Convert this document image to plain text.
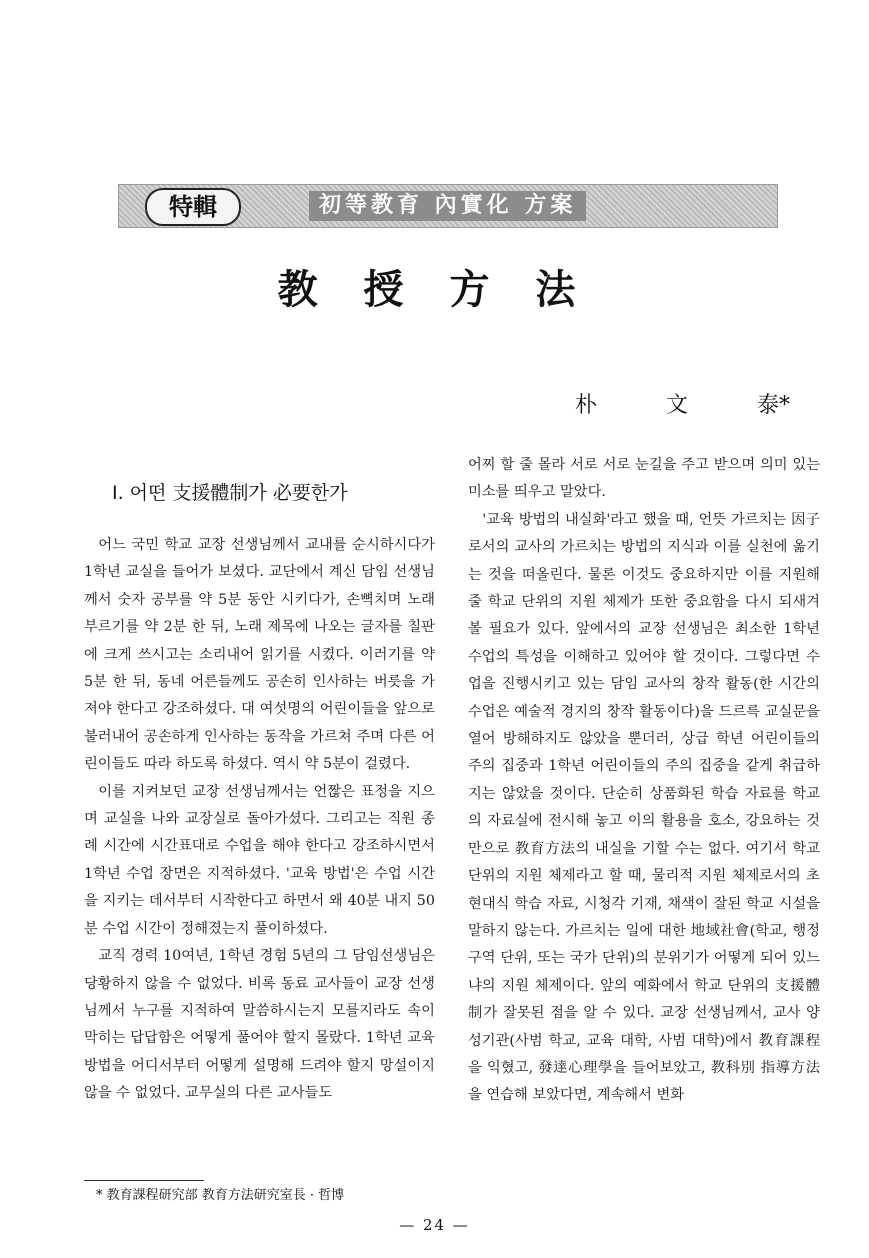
特輯	初等教育 內實化 方案
教 授 方 法
朴	文	泰*
I. 어떤 支援體制가 必要한가

어느 국민 학교 교장 선생님께서 교내를 순시하시다가 1학년 교실을 들어가 보셨다. 교단에서 계신 담임 선생님께서 숫자 공부를 약 5분 동안 시키다가, 손뼉치며 노래부르기를 약 2분 한 뒤, 노래 제목에 나오는 글자를 칠판에 크게 쓰시고는 소리내어 읽기를 시켰다. 이러기를 약 5분 한 뒤, 동네 어른들께도 공손히 인사하는 버릇을 가져야 한다고 강조하셨다. 대 여섯명의 어린이들을 앞으로 불러내어 공손하게 인사하는 동작을 가르쳐 주며 다른 어린이들도 따라 하도록 하셨다. 역시 약 5분이 걸렸다.

이를 지켜보던 교장 선생님께서는 언짢은 표정을 지으며 교실을 나와 교장실로 돌아가셨다. 그리고는 직원 종례 시간에 시간표대로 수업을 해야 한다고 강조하시면서 1학년 수업 장면은 지적하셨다. '교육 방법'은 수업 시간을 지키는 데서부터 시작한다고 하면서 왜 40분 내지 50분 수업 시간이 정해졌는지 풀이하셨다.

교직 경력 10여년, 1학년 경험 5년의 그 담임선생님은 당황하지 않을 수 없었다. 비록 동료 교사들이 교장 선생님께서 누구를 지적하여 말씀하시는지 모를지라도 속이 막히는 답답함은 어떻게 풀어야 할지 몰랐다. 1학년 교육 방법을 어디서부터 어떻게 설명해 드려야 할지 망설이지 않을 수 없었다. 교무실의 다른 교사들도

어찌 할 줄 몰라 서로 서로 눈길을 주고 받으며 의미 있는 미소를 띄우고 말았다.

'교육 방법의 내실화'라고 했을 때, 언뜻 가르치는 因子로서의 교사의 가르치는 방법의 지식과 이를 실천에 옮기는 것을 떠올린다. 물론 이것도 중요하지만 이를 지원해 줄 학교 단위의 지원 체제가 또한 중요함을 다시 되새겨볼 필요가 있다. 앞에서의 교장 선생님은 최소한 1학년 수업의 특성을 이해하고 있어야 할 것이다. 그렇다면 수업을 진행시키고 있는 담임 교사의 창작 활동(한 시간의 수업은 예술적 경지의 창작 활동이다)을 드르륵 교실문을 열어 방해하지도 않았을 뿐더러, 상급 학년 어린이들의 주의 집중과 1학년 어린이들의 주의 집중을 같게 취급하지는 않았을 것이다. 단순히 상품화된 학습 자료를 학교의 자료실에 전시해 놓고 이의 활용을 호소, 강요하는 것만으로 教育方法의 내실을 기할 수는 없다. 여기서 학교 단위의 지원 체제라고 할 때, 물리적 지원 체제로서의 초현대식 학습 자료, 시청각 기재, 채색이 잘된 학교 시설을 말하지 않는다. 가르치는 일에 대한 地域社會(학교, 행정 구역 단위, 또는 국가 단위)의 분위기가 어떻게 되어 있느냐의 지원 체제이다. 앞의 예화에서 학교 단위의 支援體制가 잘못된 점을 알 수 있다. 교장 선생님께서, 교사 양성기관(사범 학교, 교육 대학, 사범 대학)에서 教育課程을 익혔고, 發達心理學을 들어보았고, 教科別 指導方法을 연습해 보았다면, 계속해서 변화

* 教育課程研究部 教育方法研究室長 · 哲博
— 24 —
